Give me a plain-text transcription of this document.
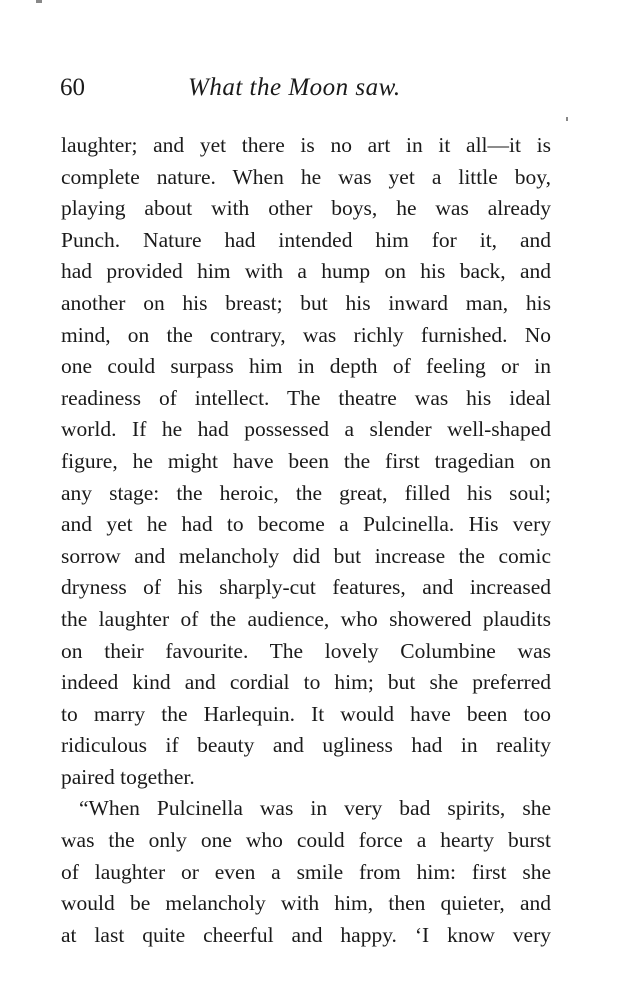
60	What the Moon saw.
laughter; and yet there is no art in it all—it is
complete nature. When he was yet a little boy,
playing about with other boys, he was already
Punch. Nature had intended him for it, and
had provided him with a hump on his back, and
another on his breast; but his inward man, his
mind, on the contrary, was richly furnished. No
one could surpass him in depth of feeling or in
readiness of intellect. The theatre was his ideal
world. If he had possessed a slender well-shaped
figure, he might have been the first tragedian on
any stage: the heroic, the great, filled his soul;
and yet he had to become a Pulcinella. His very
sorrow and melancholy did but increase the comic
dryness of his sharply-cut features, and increased
the laughter of the audience, who showered plaudits
on their favourite. The lovely Columbine was
indeed kind and cordial to him; but she preferred
to marry the Harlequin. It would have been too
ridiculous if beauty and ugliness had in reality
paired together.
“When Pulcinella was in very bad spirits, she
was the only one who could force a hearty burst
of laughter or even a smile from him: first she
would be melancholy with him, then quieter, and
at last quite cheerful and happy. ‘I know very
